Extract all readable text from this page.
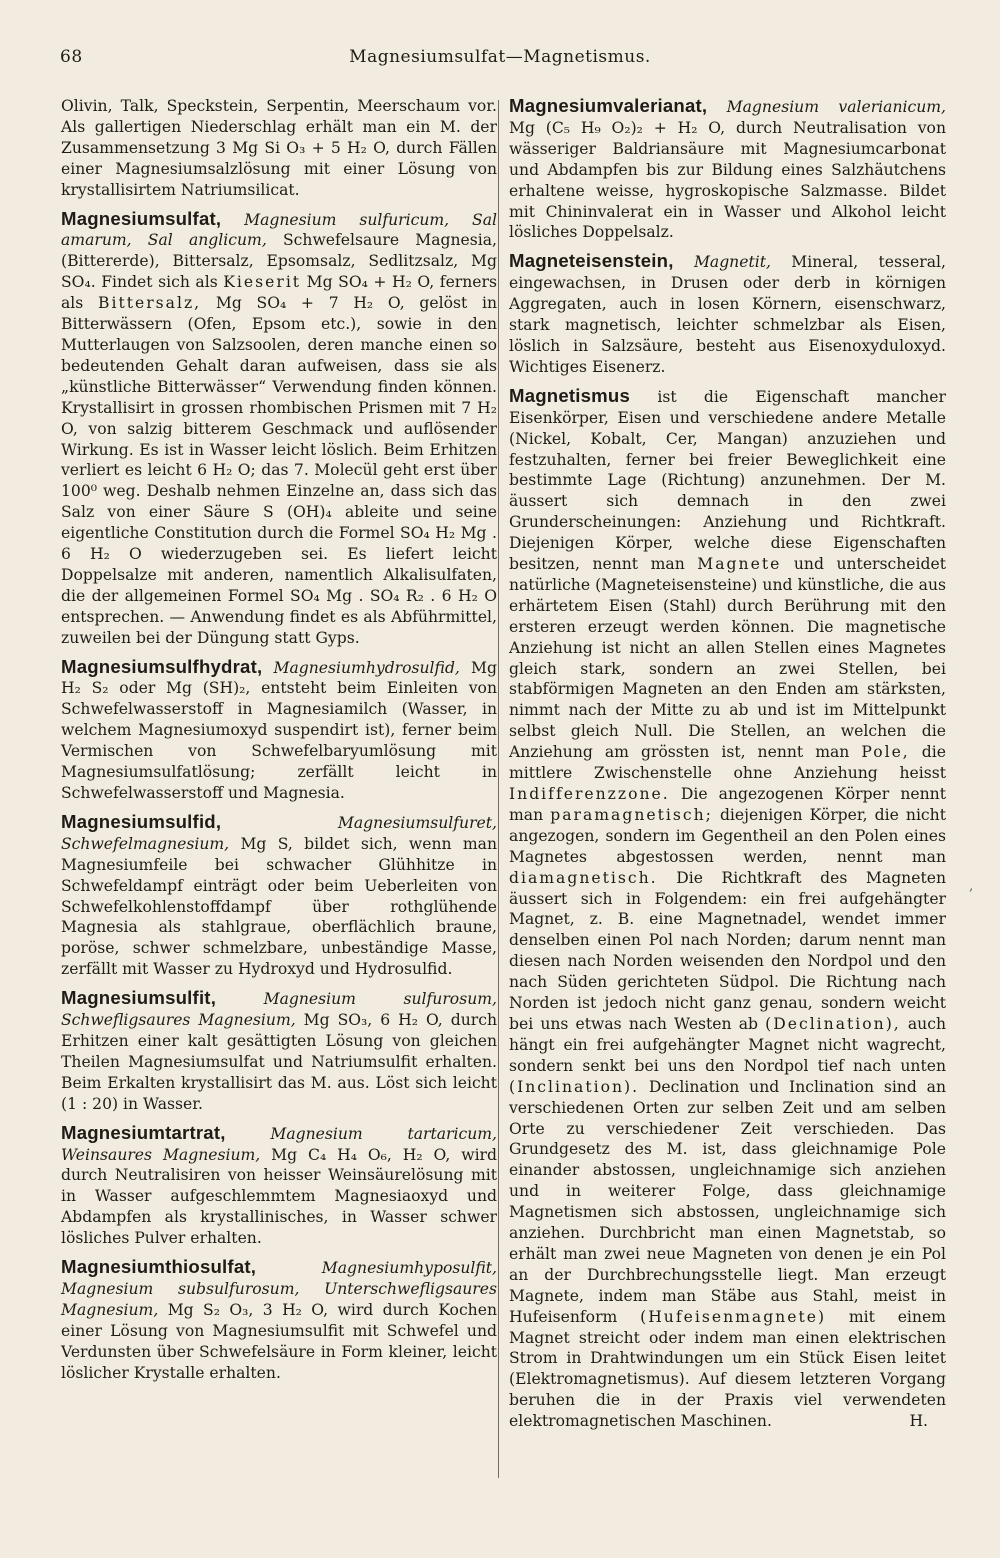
68	Magnesiumsulfat—Magnetismus.
‚

Olivin, Talk, Speckstein, Serpentin, Meerschaum vor. Als gallertigen Niederschlag erhält man ein M. der Zusammensetzung 3 Mg Si O₃ + 5 H₂ O, durch Fällen einer Magnesiumsalzlösung mit einer Lösung von krystallisirtem Natriumsilicat.

Magnesiumsulfat, Magnesium sulfuricum, Sal amarum, Sal anglicum, Schwefelsaure Magnesia, (Bittererde), Bittersalz, Epsomsalz, Sedlitzsalz, Mg SO₄. Findet sich als Kieserit Mg SO₄ + H₂ O, ferners als Bittersalz, Mg SO₄ + 7 H₂ O, gelöst in Bitterwässern (Ofen, Epsom etc.), sowie in den Mutterlaugen von Salzsoolen, deren manche einen so bedeutenden Gehalt daran aufweisen, dass sie als „künstliche Bitterwässer“ Verwendung finden können. Krystallisirt in grossen rhombischen Prismen mit 7 H₂ O, von salzig bitterem Geschmack und auflösender Wirkung. Es ist in Wasser leicht löslich. Beim Erhitzen verliert es leicht 6 H₂ O; das 7. Molecül geht erst über 100⁰ weg. Deshalb nehmen Einzelne an, dass sich das Salz von einer Säure S (OH)₄ ableite und seine eigentliche Constitution durch die Formel SO₄ H₂ Mg . 6 H₂ O wiederzugeben sei. Es liefert leicht Doppelsalze mit anderen, namentlich Alkalisulfaten, die der allgemeinen Formel SO₄ Mg . SO₄ R₂ . 6 H₂ O entsprechen. — Anwendung findet es als Abführmittel, zuweilen bei der Düngung statt Gyps.

Magnesiumsulfhydrat, Magnesiumhydrosulfid, Mg H₂ S₂ oder Mg (SH)₂, entsteht beim Einleiten von Schwefelwasserstoff in Magnesiamilch (Wasser, in welchem Magnesiumoxyd suspendirt ist), ferner beim Vermischen von Schwefelbaryumlösung mit Magnesiumsulfatlösung; zerfällt leicht in Schwefelwasserstoff und Magnesia.

Magnesiumsulfid,	Magnesiumsulfuret, Schwefelmagnesium, Mg S, bildet sich, wenn man Magnesiumfeile bei schwacher Glühhitze in Schwefeldampf einträgt oder beim Ueberleiten von Schwefelkohlenstoffdampf über rothglühende Magnesia als stahlgraue, oberflächlich braune, poröse, schwer schmelzbare, unbeständige Masse, zerfällt mit Wasser zu Hydroxyd und Hydrosulfid.

Magnesiumsulfit,	Magnesium sulfurosum, Schwefligsaures Magnesium, Mg SO₃, 6 H₂ O, durch Erhitzen einer kalt gesättigten Lösung von gleichen Theilen Magnesiumsulfat und Natriumsulfit erhalten. Beim Erkalten krystallisirt das M. aus. Löst sich leicht (1 : 20) in Wasser.

Magnesiumtartrat,	Magnesium tartaricum, Weinsaures Magnesium, Mg C₄ H₄ O₆, H₂ O, wird durch Neutralisiren von heisser Weinsäurelösung mit in Wasser aufgeschlemmtem Magnesiaoxyd und Abdampfen als krystallinisches, in Wasser schwer lösliches Pulver erhalten.

Magnesiumthiosulfat,	Magnesiumhyposulfit, Magnesium subsulfurosum, Unterschwefligsaures Magnesium, Mg S₂ O₃, 3 H₂ O, wird durch Kochen einer Lösung von Magnesiumsulfit mit Schwefel und Verdunsten über Schwefelsäure in Form kleiner, leicht löslicher Krystalle erhalten.

Magnesiumvalerianat, Magnesium valerianicum, Mg (C₅ H₉ O₂)₂ + H₂ O, durch Neutralisation von wässeriger Baldriansäure mit Magnesiumcarbonat und Abdampfen bis zur Bildung eines Salzhäutchens erhaltene weisse, hygroskopische Salzmasse. Bildet mit Chininvalerat ein in Wasser und Alkohol leicht lösliches Doppelsalz.

Magneteisenstein, Magnetit, Mineral, tesseral, eingewachsen, in Drusen oder derb in körnigen Aggregaten, auch in losen Körnern, eisenschwarz, stark magnetisch, leichter schmelzbar als Eisen, löslich in Salzsäure, besteht aus Eisenoxyduloxyd. Wichtiges Eisenerz.

Magnetismus ist die Eigenschaft mancher Eisenkörper, Eisen und verschiedene andere Metalle (Nickel, Kobalt, Cer, Mangan) anzuziehen und festzuhalten, ferner bei freier Beweglichkeit eine bestimmte Lage (Richtung) anzunehmen. Der M. äussert sich demnach in den zwei Grunderscheinungen: Anziehung und Richtkraft. Diejenigen Körper, welche diese Eigenschaften besitzen, nennt man Magnete und unterscheidet natürliche (Magneteisensteine) und künstliche, die aus erhärtetem Eisen (Stahl) durch Berührung mit den ersteren erzeugt werden können. Die magnetische Anziehung ist nicht an allen Stellen eines Magnetes gleich stark, sondern an zwei Stellen, bei stabförmigen Magneten an den Enden am stärksten, nimmt nach der Mitte zu ab und ist im Mittelpunkt selbst gleich Null. Die Stellen, an welchen die Anziehung am grössten ist, nennt man Pole, die mittlere Zwischenstelle ohne Anziehung heisst Indifferenzzone. Die angezogenen Körper nennt man paramagnetisch; diejenigen Körper, die nicht angezogen, sondern im Gegentheil an den Polen eines Magnetes abgestossen werden, nennt man diamagnetisch. Die Richtkraft des Magneten äussert sich in Folgendem: ein frei aufgehängter Magnet, z. B. eine Magnetnadel, wendet immer denselben einen Pol nach Norden; darum nennt man diesen nach Norden weisenden den Nordpol und den nach Süden gerichteten Südpol. Die Richtung nach Norden ist jedoch nicht ganz genau, sondern weicht bei uns etwas nach Westen ab (Declination), auch hängt ein frei aufgehängter Magnet nicht wagrecht, sondern senkt bei uns den Nordpol tief nach unten (Inclination). Declination und Inclination sind an verschiedenen Orten zur selben Zeit und am selben Orte zu verschiedener Zeit verschieden. Das Grundgesetz des M. ist, dass gleichnamige Pole einander abstossen, ungleichnamige sich anziehen und in weiterer Folge, dass gleichnamige Magnetismen sich abstossen, ungleichnamige sich anziehen. Durchbricht man einen Magnetstab, so erhält man zwei neue Magneten von denen je ein Pol an der Durchbrechungsstelle liegt. Man erzeugt Magnete, indem man Stäbe aus Stahl, meist in Hufeisenform (Hufeisenmagnete) mit einem Magnet streicht oder indem man einen elektrischen Strom in Drahtwindungen um ein Stück Eisen leitet (Elektromagnetismus). Auf diesem letzteren Vorgang beruhen die in der Praxis viel verwendeten elektromagnetischen Maschinen.	H.
